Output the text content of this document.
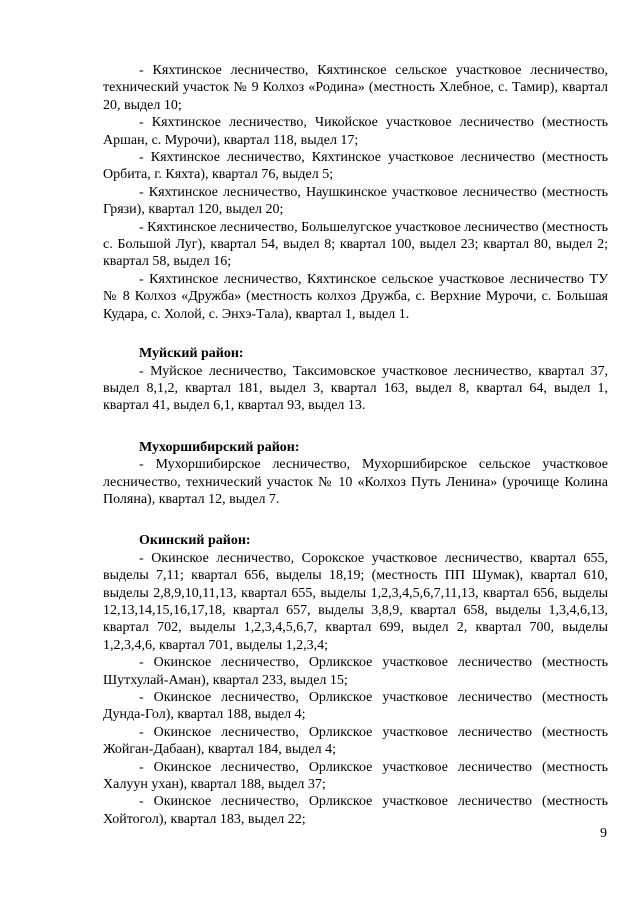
- Кяхтинское лесничество, Кяхтинское сельское участковое лесничество, технический участок № 9 Колхоз «Родина» (местность Хлебное, с. Тамир), квартал 20, выдел 10;

- Кяхтинское лесничество, Чикойское участковое лесничество (местность Аршан, с. Мурочи), квартал 118, выдел 17;

- Кяхтинское лесничество, Кяхтинское участковое лесничество (местность Орбита, г. Кяхта), квартал 76, выдел 5;

- Кяхтинское лесничество, Наушкинское участковое лесничество (местность Грязи), квартал 120, выдел 20;

- Кяхтинское лесничество, Большелугское участковое лесничество (местность с. Большой Луг), квартал 54, выдел 8; квартал 100, выдел 23; квартал 80, выдел 2; квартал 58, выдел 16;

- Кяхтинское лесничество, Кяхтинское сельское участковое лесничество ТУ № 8 Колхоз «Дружба» (местность колхоз Дружба, с. Верхние Мурочи, с. Большая Кудара, с. Холой, с. Энхэ-Тала), квартал 1, выдел 1.

Муйский район:

- Муйское лесничество, Таксимовское участковое лесничество, квартал 37, выдел 8,1,2, квартал 181, выдел 3, квартал 163, выдел 8, квартал 64, выдел 1, квартал 41, выдел 6,1, квартал 93, выдел 13.

Мухоршибирский район:

- Мухоршибирское лесничество, Мухоршибирское сельское участковое лесничество, технический участок № 10 «Колхоз Путь Ленина» (урочище Колина Поляна), квартал 12, выдел 7.

Окинский район:

- Окинское лесничество, Сорокское участковое лесничество, квартал 655, выделы 7,11; квартал 656, выделы 18,19; (местность ПП Шумак), квартал 610, выделы 2,8,9,10,11,13, квартал 655, выделы 1,2,3,4,5,6,7,11,13, квартал 656, выделы 12,13,14,15,16,17,18, квартал 657, выделы 3,8,9, квартал 658, выделы 1,3,4,6,13, квартал 702, выделы 1,2,3,4,5,6,7, квартал 699, выдел 2, квартал 700, выделы 1,2,3,4,6, квартал 701, выделы 1,2,3,4;

- Окинское лесничество, Орликское участковое лесничество (местность Шутхулай-Аман), квартал 233, выдел 15;

- Окинское лесничество, Орликское участковое лесничество (местность Дунда-Гол), квартал 188, выдел 4;

- Окинское лесничество, Орликское участковое лесничество (местность Жойган-Дабаан), квартал 184, выдел 4;

- Окинское лесничество, Орликское участковое лесничество (местность Халуун ухан), квартал 188, выдел 37;

- Окинское лесничество, Орликское участковое лесничество (местность Хойтогол), квартал 183, выдел 22;

9
